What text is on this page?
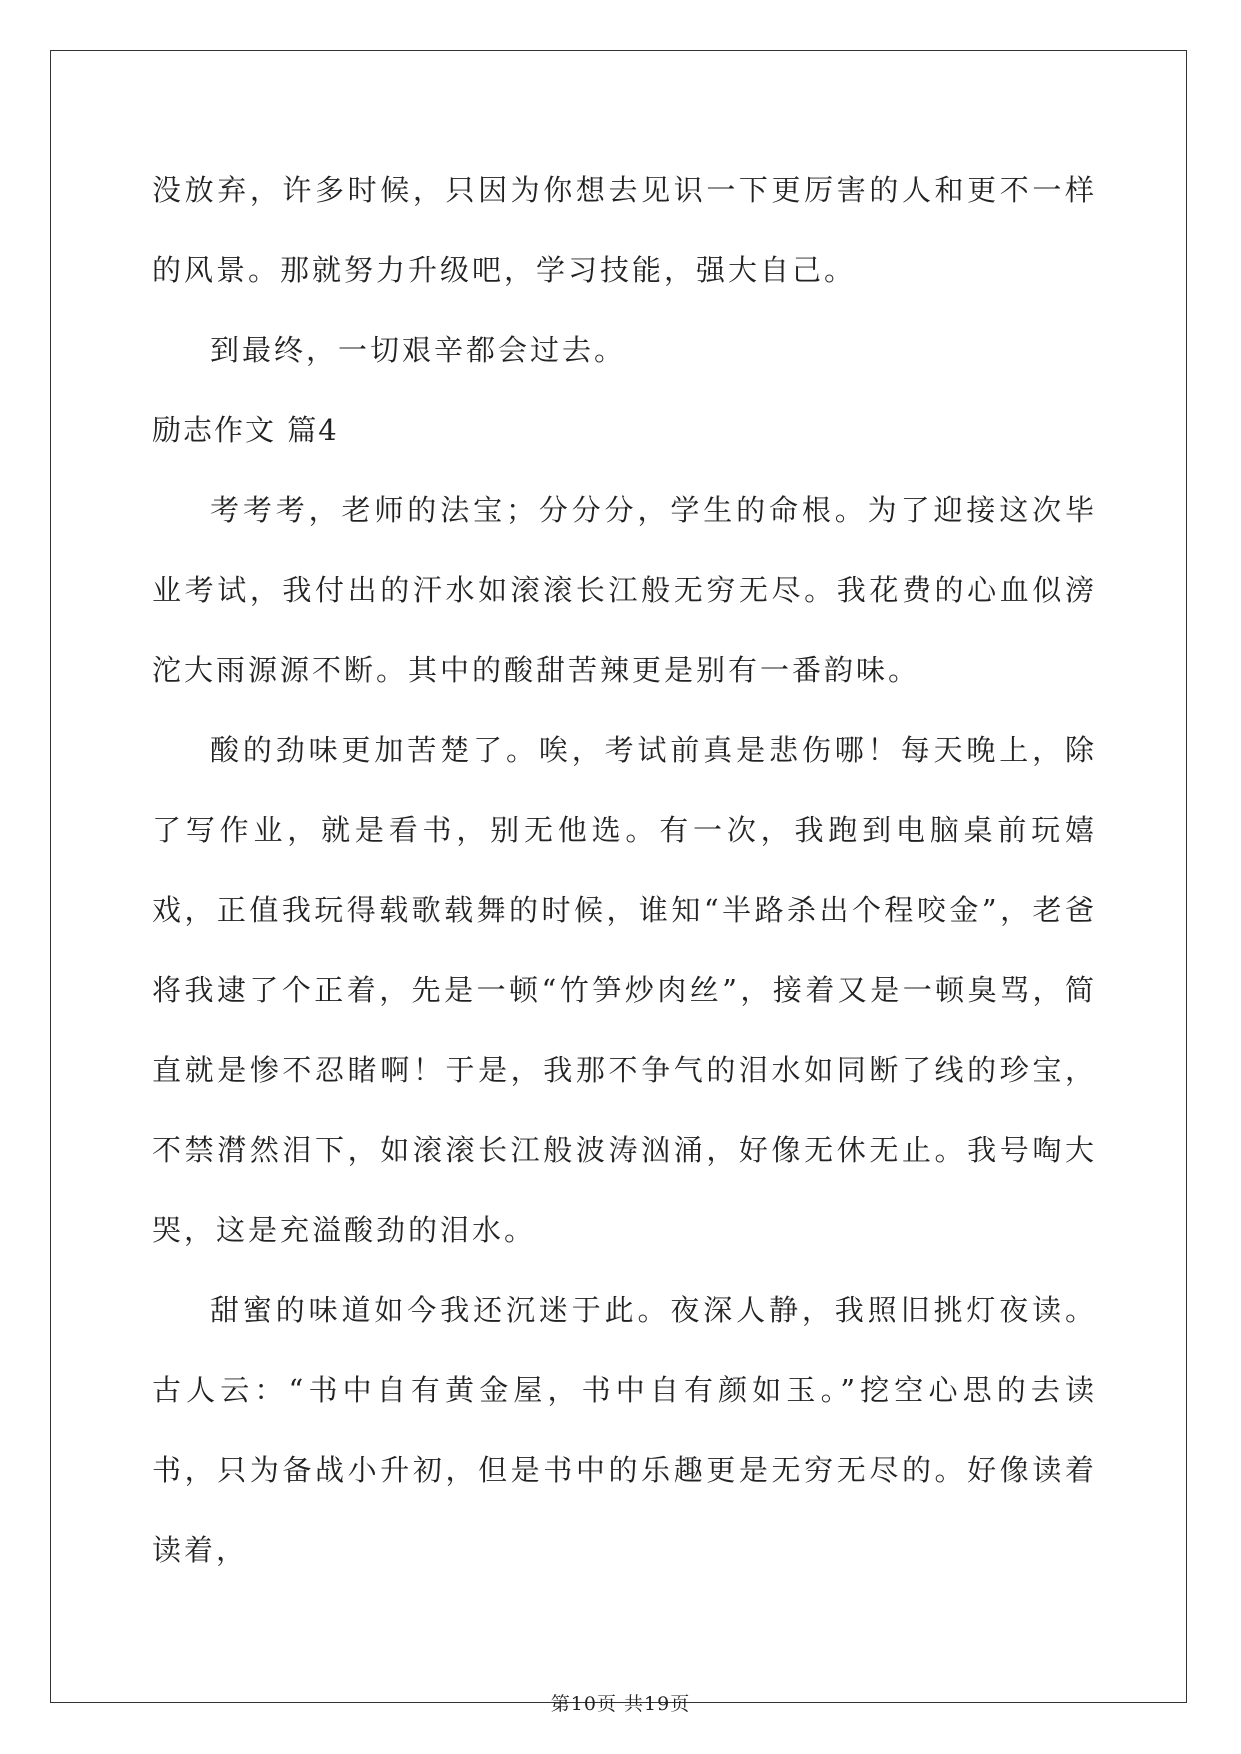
没放弃，许多时候，只因为你想去见识一下更厉害的人和更不一样的风景。那就努力升级吧，学习技能，强大自己。

到最终，一切艰辛都会过去。

励志作文 篇4

考考考，老师的法宝；分分分，学生的命根。为了迎接这次毕业考试，我付出的汗水如滚滚长江般无穷无尽。我花费的心血似滂沱大雨源源不断。其中的酸甜苦辣更是别有一番韵味。

酸的劲味更加苦楚了。唉，考试前真是悲伤哪！每天晚上，除了写作业，就是看书，别无他选。有一次，我跑到电脑桌前玩嬉戏，正值我玩得载歌载舞的时候，谁知“半路杀出个程咬金”，老爸将我逮了个正着，先是一顿“竹笋炒肉丝”，接着又是一顿臭骂，简直就是惨不忍睹啊！于是，我那不争气的泪水如同断了线的珍宝，不禁潸然泪下，如滚滚长江般波涛汹涌，好像无休无止。我号啕大哭，这是充溢酸劲的泪水。

甜蜜的味道如今我还沉迷于此。夜深人静，我照旧挑灯夜读。古人云：“书中自有黄金屋，书中自有颜如玉。”挖空心思的去读书，只为备战小升初，但是书中的乐趣更是无穷无尽的。好像读着读着，

第10页 共19页
